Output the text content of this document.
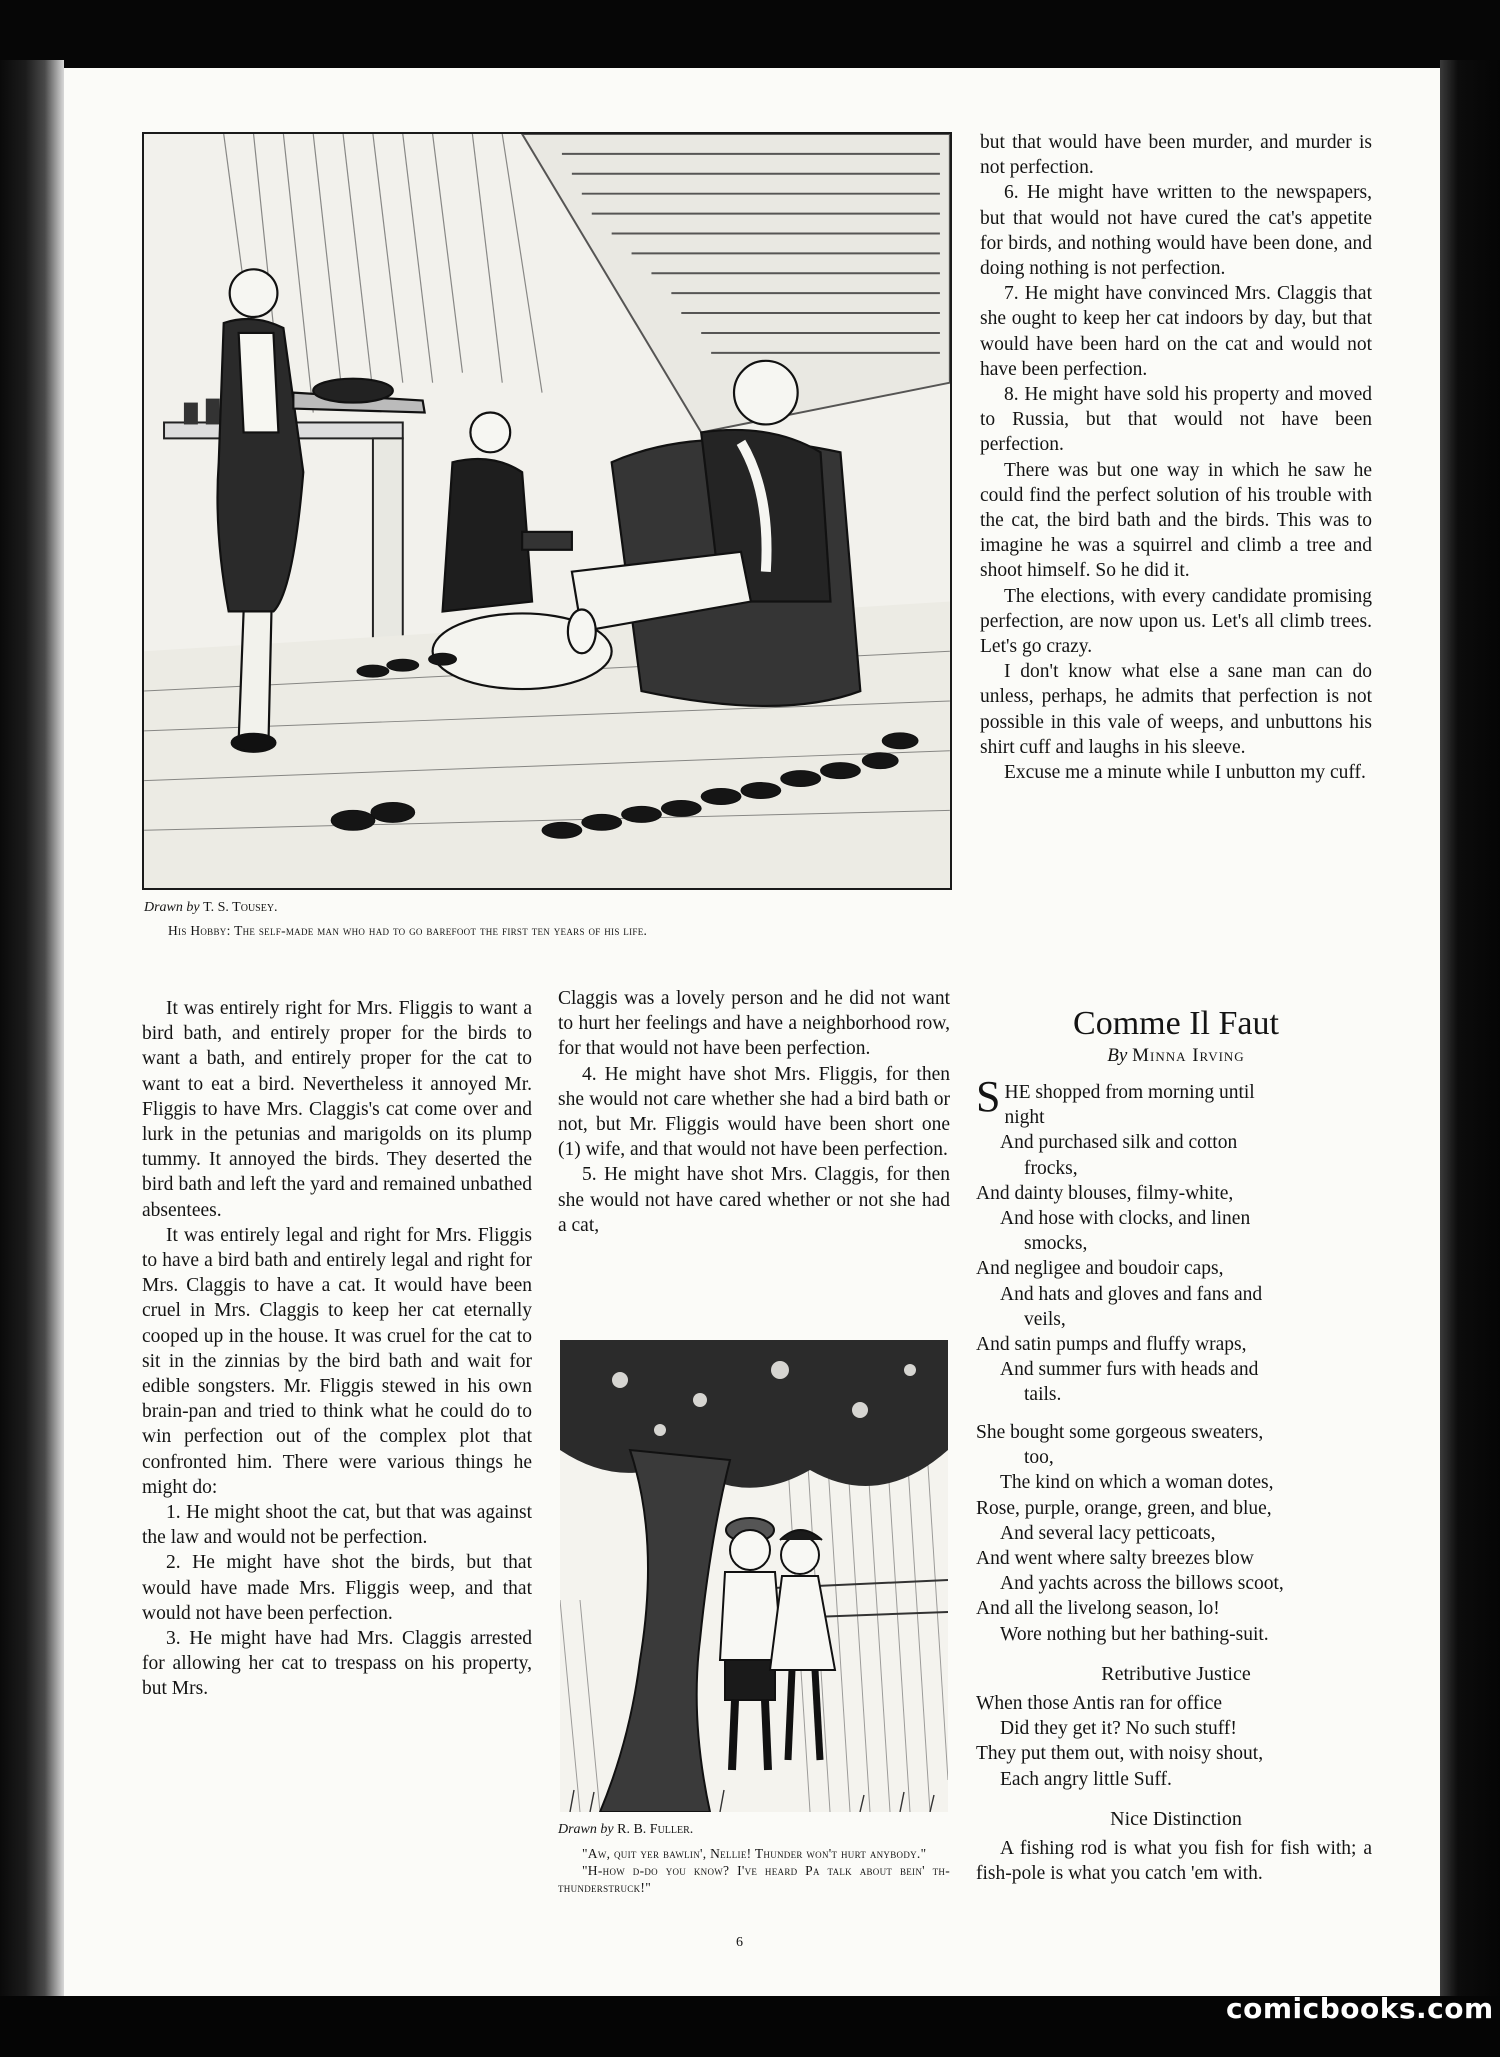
Drawn by T. S. Tousey.
His Hobby: The self-made man who had to go barefoot the first ten years of his life.

It was entirely right for Mrs. Fliggis to want a bird bath, and entirely proper for the birds to want a bath, and entirely proper for the cat to want to eat a bird. Nevertheless it annoyed Mr. Fliggis to have Mrs. Claggis's cat come over and lurk in the petunias and marigolds on its plump tummy. It annoyed the birds. They deserted the bird bath and left the yard and remained unbathed absentees.

It was entirely legal and right for Mrs. Fliggis to have a bird bath and entirely legal and right for Mrs. Claggis to have a cat. It would have been cruel in Mrs. Claggis to keep her cat eternally cooped up in the house. It was cruel for the cat to sit in the zinnias by the bird bath and wait for edible songsters. Mr. Fliggis stewed in his own brain-pan and tried to think what he could do to win perfection out of the complex plot that confronted him. There were various things he might do:

1. He might shoot the cat, but that was against the law and would not be perfection.

2. He might have shot the birds, but that would have made Mrs. Fliggis weep, and that would not have been perfection.

3. He might have had Mrs. Claggis arrested for allowing her cat to trespass on his property, but Mrs.

Claggis was a lovely person and he did not want to hurt her feelings and have a neighborhood row, for that would not have been perfection.

4. He might have shot Mrs. Fliggis, for then she would not care whether she had a bird bath or not, but Mr. Fliggis would have been short one (1) wife, and that would not have been perfection.

5. He might have shot Mrs. Claggis, for then she would not have cared whether or not she had a cat,

Drawn by R. B. Fuller.
"Aw, quit yer bawlin', Nellie! Thunder won't hurt anybody."
"H-how d-do you know? I've heard Pa talk about bein' th-thunderstruck!"

but that would have been murder, and murder is not perfection.

6. He might have written to the newspapers, but that would not have cured the cat's appetite for birds, and nothing would have been done, and doing nothing is not perfection.

7. He might have convinced Mrs. Claggis that she ought to keep her cat indoors by day, but that would have been hard on the cat and would not have been perfection.

8. He might have sold his property and moved to Russia, but that would not have been perfection.

There was but one way in which he saw he could find the perfect solution of his trouble with the cat, the bird bath and the birds. This was to imagine he was a squirrel and climb a tree and shoot himself. So he did it.

The elections, with every candidate promising perfection, are now upon us. Let's all climb trees. Let's go crazy.

I don't know what else a sane man can do unless, perhaps, he admits that perfection is not possible in this vale of weeps, and unbuttons his shirt cuff and laughs in his sleeve.

Excuse me a minute while I unbutton my cuff.

Comme Il Faut
By Minna Irving
SHE shopped from morning until
night
And purchased silk and cotton
frocks,
And dainty blouses, filmy-white,
And hose with clocks, and linen
smocks,
And negligee and boudoir caps,
And hats and gloves and fans and
veils,
And satin pumps and fluffy wraps,
And summer furs with heads and
tails.
She bought some gorgeous sweaters,
too,
The kind on which a woman dotes,
Rose, purple, orange, green, and blue,
And several lacy petticoats,
And went where salty breezes blow
And yachts across the billows scoot,
And all the livelong season, lo!
Wore nothing but her bathing-suit.
Retributive Justice
When those Antis ran for office
Did they get it? No such stuff!
They put them out, with noisy shout,
Each angry little Suff.
Nice Distinction
A fishing rod is what you fish for fish with; a fish-pole is what you catch 'em with.
6
comicbooks.com
